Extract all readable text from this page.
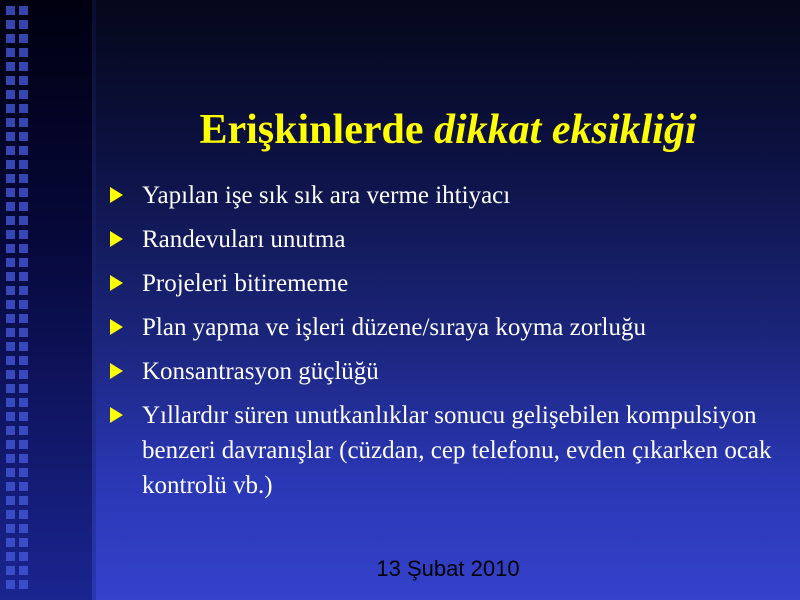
Erişkinlerde dikkat eksikliği
Yapılan işe sık sık ara verme ihtiyacı
Randevuları unutma
Projeleri bitirememe
Plan yapma ve işleri düzene/sıraya koyma zorluğu
Konsantrasyon güçlüğü
Yıllardır süren unutkanlıklar sonucu gelişebilen kompulsiyon benzeri davranışlar (cüzdan, cep telefonu, evden çıkarken ocak kontrolü vb.)
13 Şubat 2010
